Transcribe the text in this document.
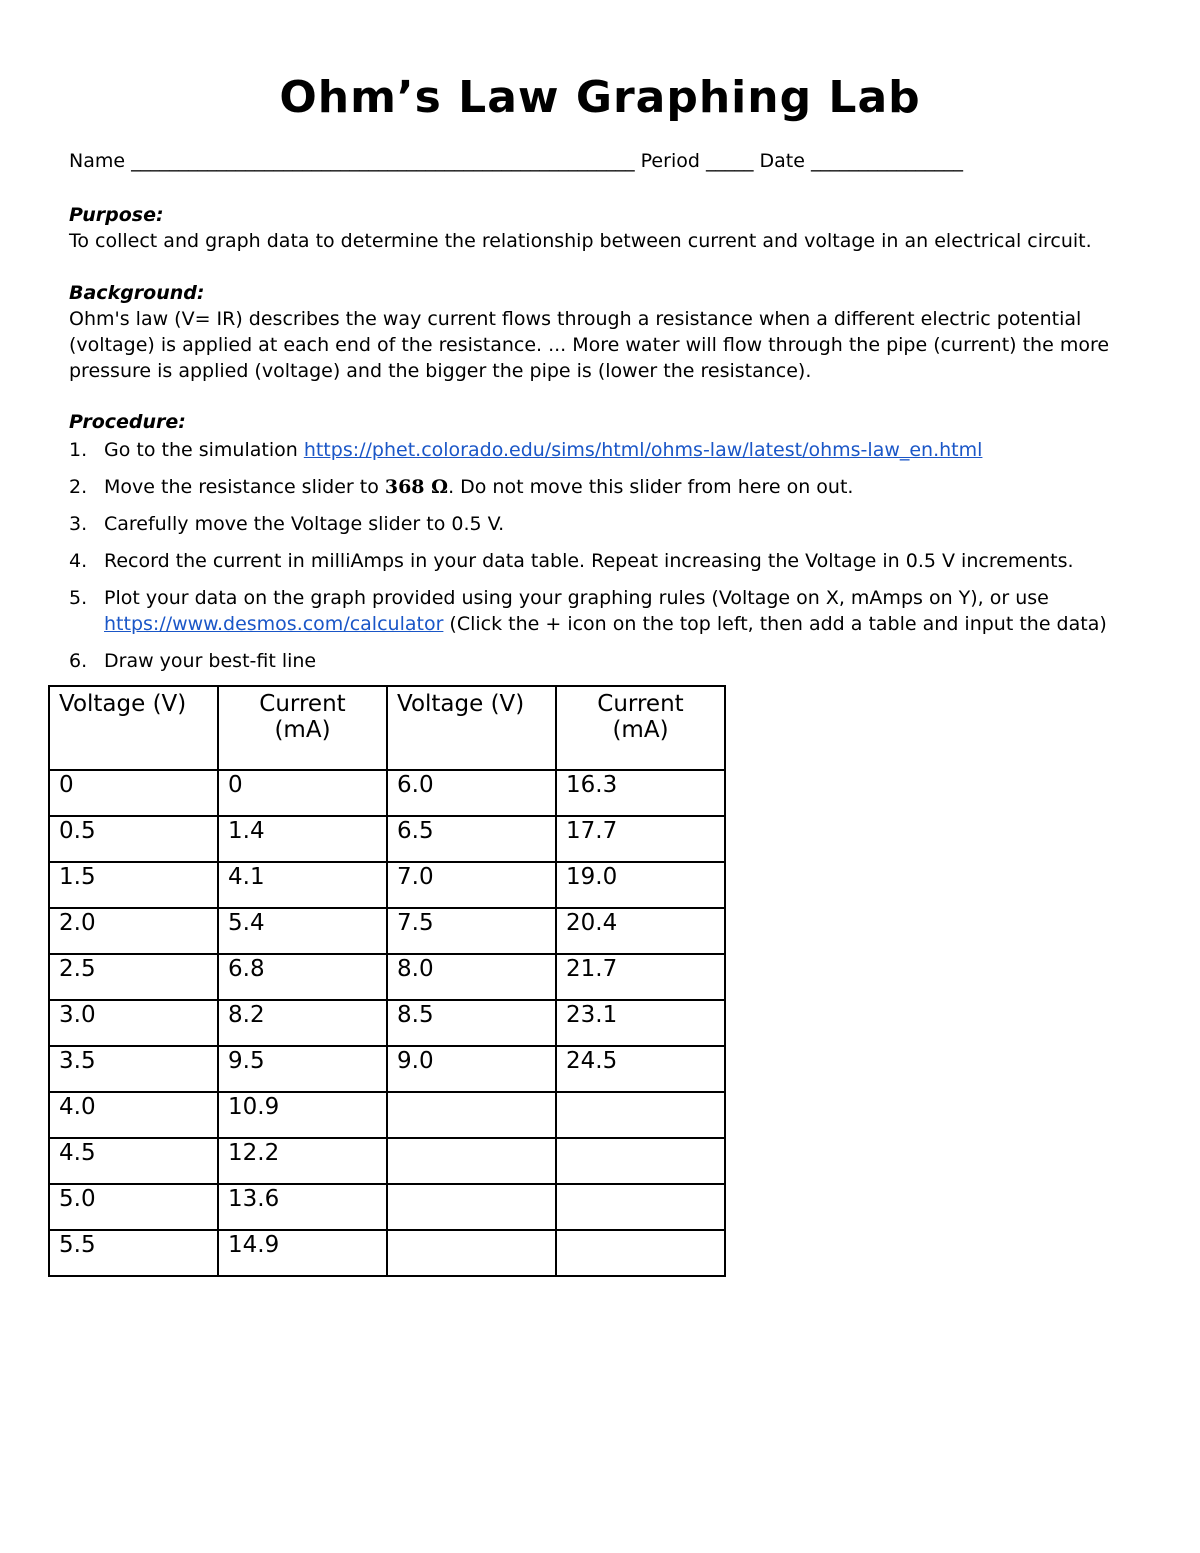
Ohm’s Law Graphing Lab
Name _____________________________________________________ Period _____ Date ________________
Purpose:
To collect and graph data to determine the relationship between current and voltage in an electrical circuit.
Background:
Ohm's law (V= IR) describes the way current flows through a resistance when a different electric potential (voltage) is applied at each end of the resistance. ... More water will flow through the pipe (current) the more pressure is applied (voltage) and the bigger the pipe is (lower the resistance).
Procedure:
1. Go to the simulation https://phet.colorado.edu/sims/html/ohms-law/latest/ohms-law_en.html
2. Move the resistance slider to 368 Ω. Do not move this slider from here on out.
3. Carefully move the Voltage slider to 0.5 V.
4. Record the current in milliAmps in your data table. Repeat increasing the Voltage in 0.5 V increments.
5. Plot your data on the graph provided using your graphing rules (Voltage on X, mAmps on Y), or use
https://www.desmos.com/calculator (Click the + icon on the top left, then add a table and input the data)
6. Draw your best-fit line
Voltage (V)	Current (mA)	Voltage (V)	Current (mA)
0	0	6.0	16.3
0.5	1.4	6.5	17.7
1.5	4.1	7.0	19.0
2.0	5.4	7.5	20.4
2.5	6.8	8.0	21.7
3.0	8.2	8.5	23.1
3.5	9.5	9.0	24.5
4.0	10.9		
4.5	12.2		
5.0	13.6		
5.5	14.9		
